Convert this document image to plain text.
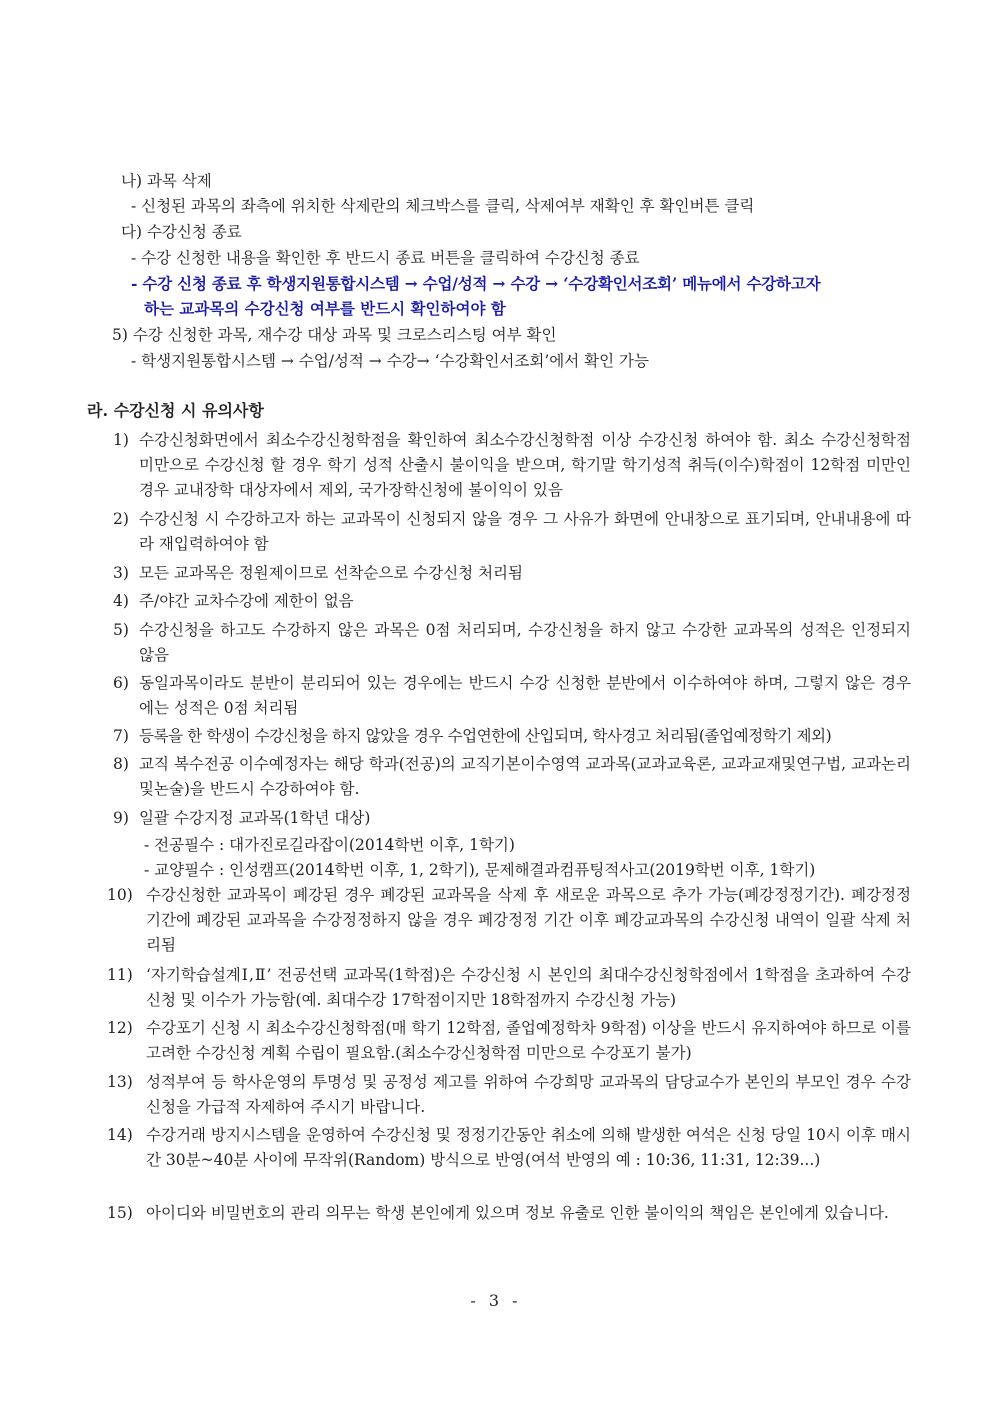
나) 과목 삭제
- 신청된 과목의 좌측에 위치한 삭제란의 체크박스를 클릭, 삭제여부 재확인 후 확인버튼 클릭
다) 수강신청 종료
- 수강 신청한 내용을 확인한 후 반드시 종료 버튼을 클릭하여 수강신청 종료
- 수강 신청 종료 후 학생지원통합시스템 → 수업/성적 → 수강 → ‘수강확인서조회’ 메뉴에서 수강하고자
하는 교과목의 수강신청 여부를 반드시 확인하여야 함
5) 수강 신청한 과목, 재수강 대상 과목 및 크로스리스팅 여부 확인
- 학생지원통합시스템 → 수업/성적 → 수강→ ‘수강확인서조회’에서 확인 가능
라. 수강신청 시 유의사항
1) 수강신청화면에서 최소수강신청학점을 확인하여 최소수강신청학점 이상 수강신청 하여야 함. 최소 수강신청학점 미만으로 수강신청 할 경우 학기 성적 산출시 불이익을 받으며, 학기말 학기성적 취득(이수)학점이 12학점 미만인 경우 교내장학 대상자에서 제외, 국가장학신청에 불이익이 있음
2) 수강신청 시 수강하고자 하는 교과목이 신청되지 않을 경우 그 사유가 화면에 안내창으로 표기되며, 안내내용에 따라 재입력하여야 함
3) 모든 교과목은 정원제이므로 선착순으로 수강신청 처리됨
4) 주/야간 교차수강에 제한이 없음
5) 수강신청을 하고도 수강하지 않은 과목은 0점 처리되며, 수강신청을 하지 않고 수강한 교과목의 성적은 인정되지 않음
6) 동일과목이라도 분반이 분리되어 있는 경우에는 반드시 수강 신청한 분반에서 이수하여야 하며, 그렇지 않은 경우에는 성적은 0점 처리됨
7) 등록을 한 학생이 수강신청을 하지 않았을 경우 수업연한에 산입되며, 학사경고 처리됨(졸업예정학기 제외)
8) 교직 복수전공 이수예정자는 해당 학과(전공)의 교직기본이수영역 교과목(교과교육론, 교과교재및연구법, 교과논리및논술)을 반드시 수강하여야 함.
9) 일괄 수강지정 교과목(1학년 대상)
- 전공필수 : 대가진로길라잡이(2014학번 이후, 1학기)
- 교양필수 : 인성캠프(2014학번 이후, 1, 2학기), 문제해결과컴퓨팅적사고(2019학번 이후, 1학기)
10) 수강신청한 교과목이 폐강된 경우 폐강된 교과목을 삭제 후 새로운 과목으로 추가 가능(폐강정정기간). 폐강정정 기간에 폐강된 교과목을 수강정정하지 않을 경우 폐강정정 기간 이후 폐강교과목의 수강신청 내역이 일괄 삭제 처리됨
11) ‘자기학습설계Ⅰ,Ⅱ’ 전공선택 교과목(1학점)은 수강신청 시 본인의 최대수강신청학점에서 1학점을 초과하여 수강신청 및 이수가 가능함(예. 최대수강 17학점이지만 18학점까지 수강신청 가능)
12) 수강포기 신청 시 최소수강신청학점(매 학기 12학점, 졸업예정학차 9학점) 이상을 반드시 유지하여야 하므로 이를 고려한 수강신청 계획 수립이 필요함.(최소수강신청학점 미만으로 수강포기 불가)
13) 성적부여 등 학사운영의 투명성 및 공정성 제고를 위하여 수강희망 교과목의 담당교수가 본인의 부모인 경우 수강신청을 가급적 자제하여 주시기 바랍니다.
14) 수강거래 방지시스템을 운영하여 수강신청 및 정정기간동안 취소에 의해 발생한 여석은 신청 당일 10시 이후 매시간 30분~40분 사이에 무작위(Random) 방식으로 반영(여석 반영의 예 : 10:36, 11:31, 12:39...)
15) 아이디와 비밀번호의 관리 의무는 학생 본인에게 있으며 정보 유출로 인한 불이익의 책임은 본인에게 있습니다.
- 3 -
